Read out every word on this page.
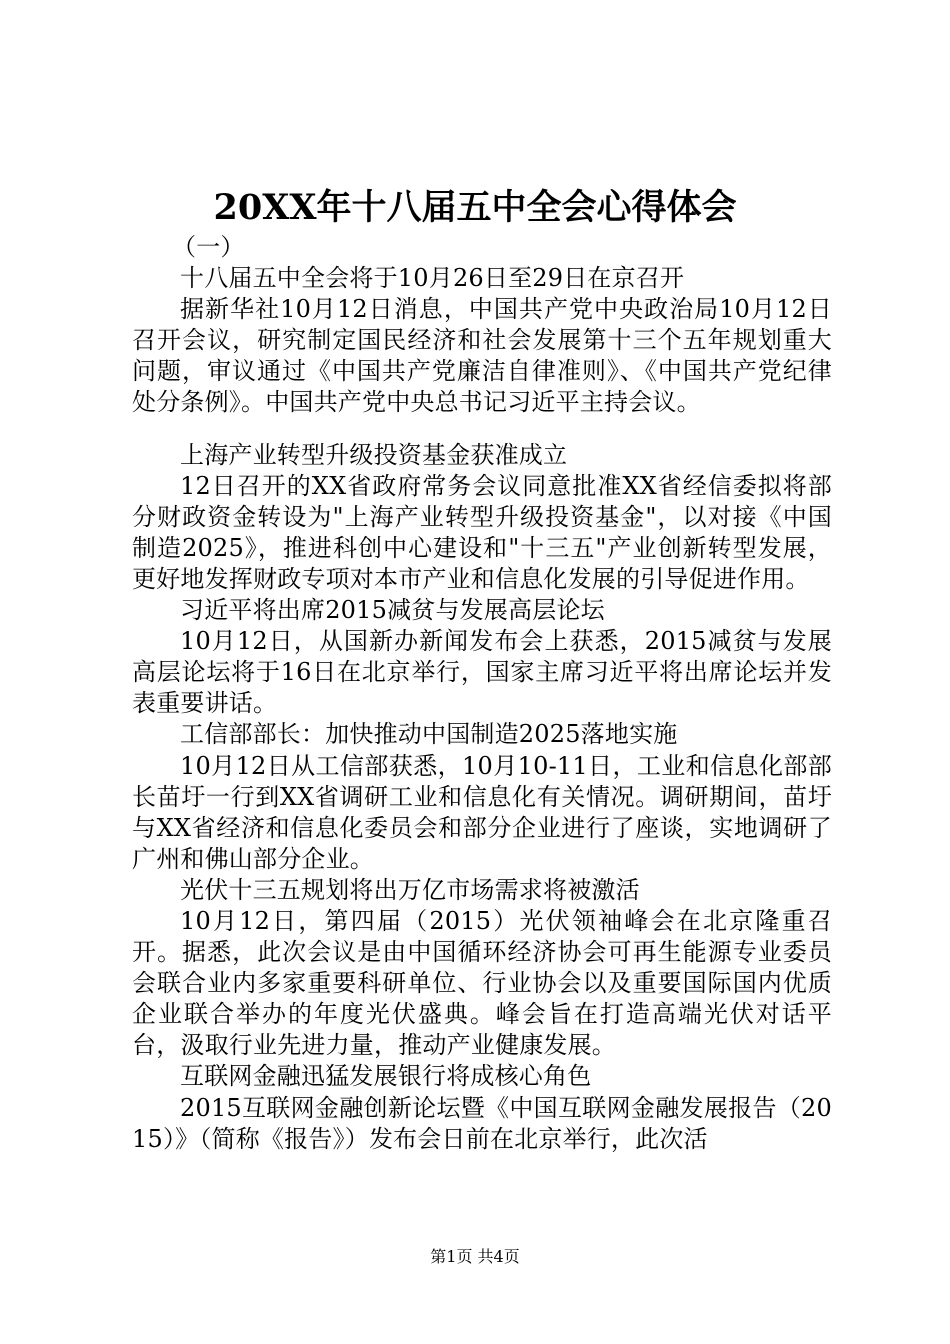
20XX年十八届五中全会心得体会

（一）

十八届五中全会将于10月26日至29日在京召开

据新华社10月12日消息，中国共产党中央政治局10月12日召开会议，研究制定国民经济和社会发展第十三个五年规划重大问题，审议通过《中国共产党廉洁自律准则》、《中国共产党纪律处分条例》。中国共产党中央总书记习近平主持会议。

上海产业转型升级投资基金获准成立

12日召开的XX省政府常务会议同意批准XX省经信委拟将部分财政资金转设为"上海产业转型升级投资基金"，以对接《中国制造2025》，推进科创中心建设和"十三五"产业创新转型发展，更好地发挥财政专项对本市产业和信息化发展的引导促进作用。

习近平将出席2015减贫与发展高层论坛

10月12日，从国新办新闻发布会上获悉，2015减贫与发展高层论坛将于16日在北京举行，国家主席习近平将出席论坛并发表重要讲话。

工信部部长：加快推动中国制造2025落地实施

10月12日从工信部获悉，10月10-11日，工业和信息化部部长苗圩一行到XX省调研工业和信息化有关情况。调研期间，苗圩与XX省经济和信息化委员会和部分企业进行了座谈，实地调研了广州和佛山部分企业。

光伏十三五规划将出万亿市场需求将被激活

10月12日，第四届（2015）光伏领袖峰会在北京隆重召开。据悉，此次会议是由中国循环经济协会可再生能源专业委员会联合业内多家重要科研单位、行业协会以及重要国际国内优质企业联合举办的年度光伏盛典。峰会旨在打造高端光伏对话平台，汲取行业先进力量，推动产业健康发展。

互联网金融迅猛发展银行将成核心角色

2015互联网金融创新论坛暨《中国互联网金融发展报告（2015）》（简称《报告》）发布会日前在北京举行，此次活

第1页 共4页
